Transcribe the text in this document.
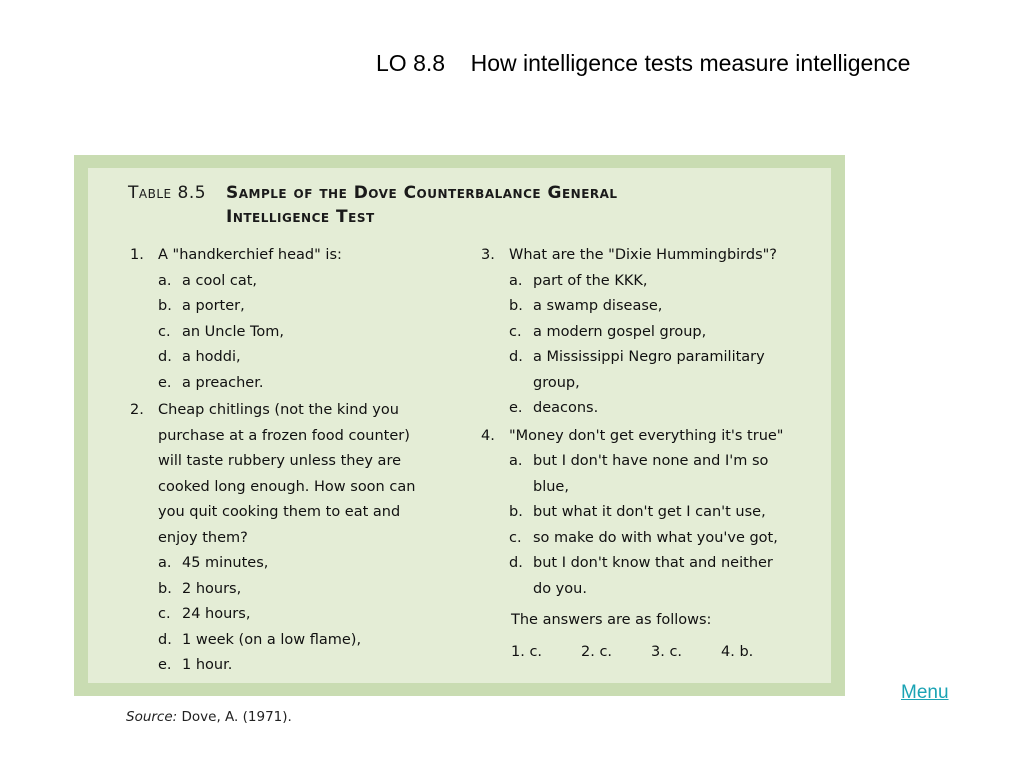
LO 8.8    How intelligence tests measure intelligence
Table 8.5 Sample of the Dove Counterbalance General Intelligence Test
1. A "handkerchief head" is:
a. a cool cat,
b. a porter,
c. an Uncle Tom,
d. a hoddi,
e. a preacher.
2. Cheap chitlings (not the kind you purchase at a frozen food counter) will taste rubbery unless they are cooked long enough. How soon can you quit cooking them to eat and enjoy them?
a. 45 minutes,
b. 2 hours,
c. 24 hours,
d. 1 week (on a low flame),
e. 1 hour.
3. What are the "Dixie Hummingbirds"?
a. part of the KKK,
b. a swamp disease,
c. a modern gospel group,
d. a Mississippi Negro paramilitary group,
e. deacons.
4. "Money don't get everything it's true"
a. but I don't have none and I'm so blue,
b. but what it don't get I can't use,
c. so make do with what you've got,
d. but I don't know that and neither do you.
The answers are as follows:
1. c.	2. c.	3. c.	4. b.
Source: Dove, A. (1971).
Menu
